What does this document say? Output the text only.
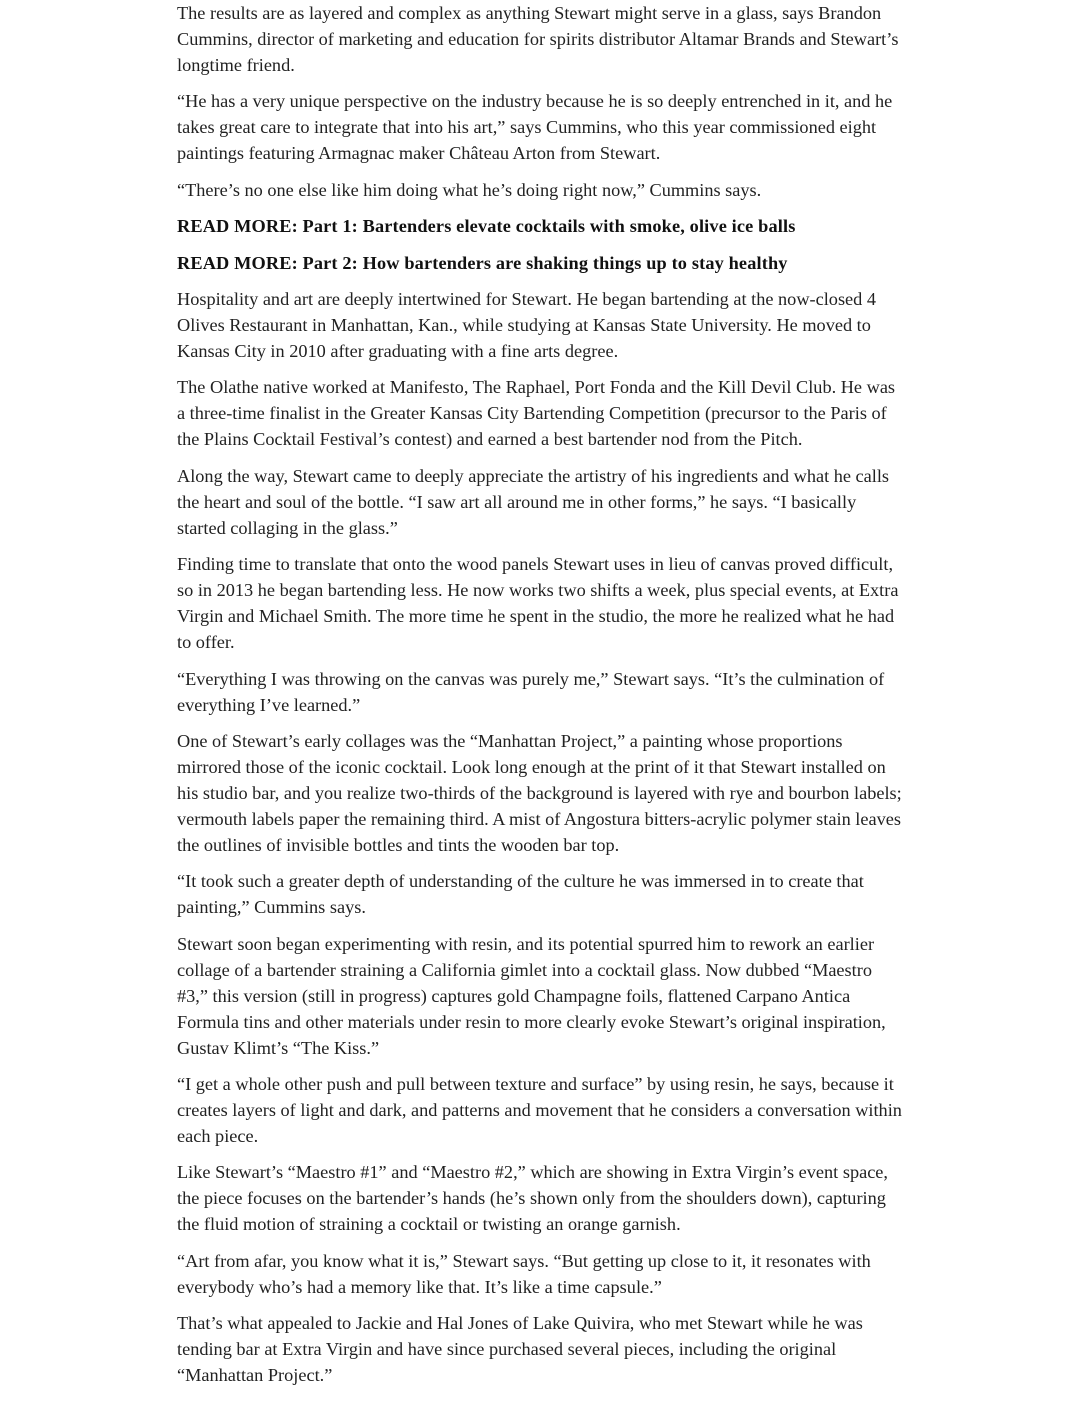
The results are as layered and complex as anything Stewart might serve in a glass, says Brandon Cummins, director of marketing and education for spirits distributor Altamar Brands and Stewart’s longtime friend.

“He has a very unique perspective on the industry because he is so deeply entrenched in it, and he takes great care to integrate that into his art,” says Cummins, who this year commissioned eight paintings featuring Armagnac maker Château Arton from Stewart.

“There’s no one else like him doing what he’s doing right now,” Cummins says.

READ MORE: Part 1: Bartenders elevate cocktails with smoke, olive ice balls

READ MORE: Part 2: How bartenders are shaking things up to stay healthy

Hospitality and art are deeply intertwined for Stewart. He began bartending at the now-closed 4 Olives Restaurant in Manhattan, Kan., while studying at Kansas State University. He moved to Kansas City in 2010 after graduating with a fine arts degree.

The Olathe native worked at Manifesto, The Raphael, Port Fonda and the Kill Devil Club. He was a three-time finalist in the Greater Kansas City Bartending Competition (precursor to the Paris of the Plains Cocktail Festival’s contest) and earned a best bartender nod from the Pitch.

Along the way, Stewart came to deeply appreciate the artistry of his ingredients and what he calls the heart and soul of the bottle. “I saw art all around me in other forms,” he says. “I basically started collaging in the glass.”

Finding time to translate that onto the wood panels Stewart uses in lieu of canvas proved difficult, so in 2013 he began bartending less. He now works two shifts a week, plus special events, at Extra Virgin and Michael Smith. The more time he spent in the studio, the more he realized what he had to offer.

“Everything I was throwing on the canvas was purely me,” Stewart says. “It’s the culmination of everything I’ve learned.”

One of Stewart’s early collages was the “Manhattan Project,” a painting whose proportions mirrored those of the iconic cocktail. Look long enough at the print of it that Stewart installed on his studio bar, and you realize two-thirds of the background is layered with rye and bourbon labels; vermouth labels paper the remaining third. A mist of Angostura bitters-acrylic polymer stain leaves the outlines of invisible bottles and tints the wooden bar top.

“It took such a greater depth of understanding of the culture he was immersed in to create that painting,” Cummins says.

Stewart soon began experimenting with resin, and its potential spurred him to rework an earlier collage of a bartender straining a California gimlet into a cocktail glass. Now dubbed “Maestro #3,” this version (still in progress) captures gold Champagne foils, flattened Carpano Antica Formula tins and other materials under resin to more clearly evoke Stewart’s original inspiration, Gustav Klimt’s “The Kiss.”

“I get a whole other push and pull between texture and surface” by using resin, he says, because it creates layers of light and dark, and patterns and movement that he considers a conversation within each piece.

Like Stewart’s “Maestro #1” and “Maestro #2,” which are showing in Extra Virgin’s event space, the piece focuses on the bartender’s hands (he’s shown only from the shoulders down), capturing the fluid motion of straining a cocktail or twisting an orange garnish.

“Art from afar, you know what it is,” Stewart says. “But getting up close to it, it resonates with everybody who’s had a memory like that. It’s like a time capsule.”

That’s what appealed to Jackie and Hal Jones of Lake Quivira, who met Stewart while he was tending bar at Extra Virgin and have since purchased several pieces, including the original “Manhattan Project.”
